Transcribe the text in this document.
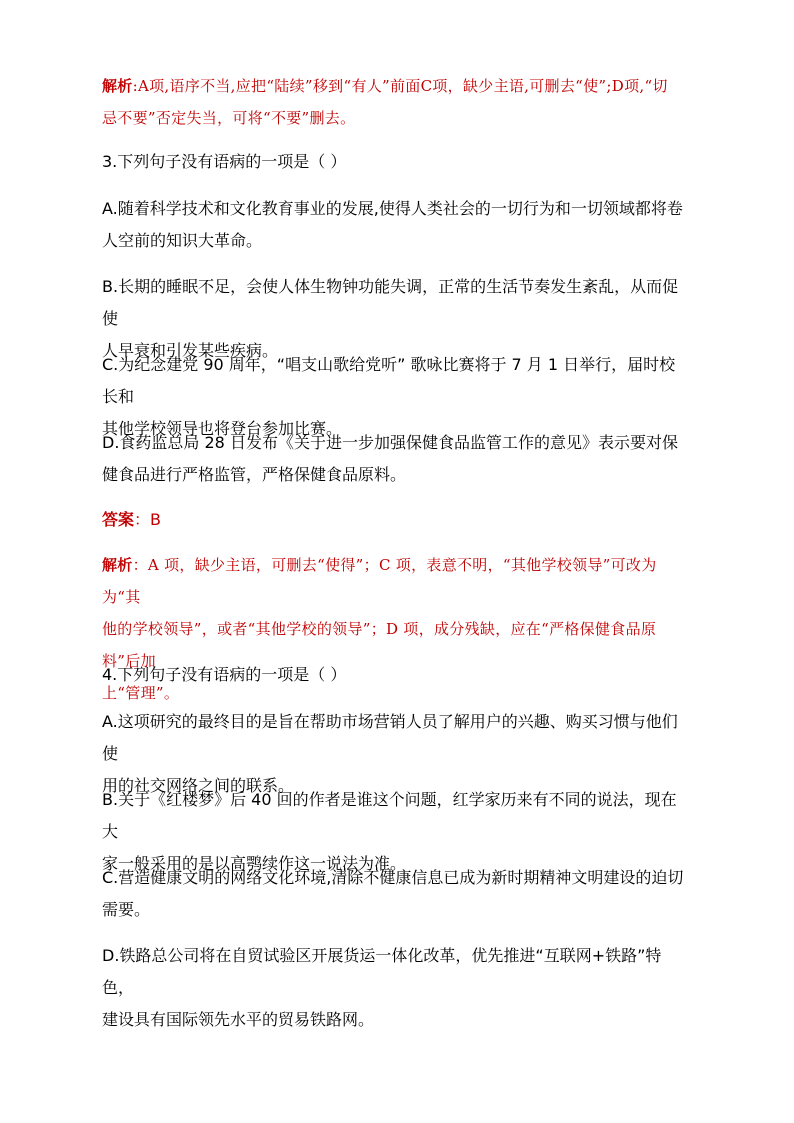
解析:A项,语序不当,应把“陆续”移到“有人”前面C项，缺少主语,可删去“使”;D项,“切
忌不要”否定失当，可将“不要”删去。
3.下列句子没有语病的一项是（ ）
A.随着科学技术和文化教育事业的发展,使得人类社会的一切行为和一切领域都将卷
人空前的知识大革命。
B.长期的睡眠不足，会使人体生物钟功能失调，正常的生活节奏发生紊乱，从而促使
人早衰和引发某些疾病。
C.为纪念建党 90 周年，“唱支山歌给党听” 歌咏比赛将于 7 月 1 日举行，届时校长和
其他学校领导也将登台参加比赛。
D.食药监总局 28 日发布《关于进一步加强保健食品监管工作的意见》表示要对保
健食品进行严格监管，严格保健食品原料。
答案：B
解析：A 项，缺少主语，可删去“使得”；C 项，表意不明，“其他学校领导”可改为为“其
他的学校领导”，或者“其他学校的领导”；D 项，成分残缺，应在“严格保健食品原料”后加
上“管理”。
4.下列句子没有语病的一项是（ ）
A.这项研究的最终目的是旨在帮助市场营销人员了解用户的兴趣、购买习惯与他们使
用的社交网络之间的联系。
B.关于《红楼梦》后 40 回的作者是谁这个问题，红学家历来有不同的说法，现在大
家一般采用的是以高鹗续作这一说法为准。
C.营造健康文明的网络文化环境,清除不健康信息已成为新时期精神文明建设的迫切
需要。
D.铁路总公司将在自贸试验区开展货运一体化改革，优先推进“互联网+铁路”特色，
建设具有国际领先水平的贸易铁路网。
